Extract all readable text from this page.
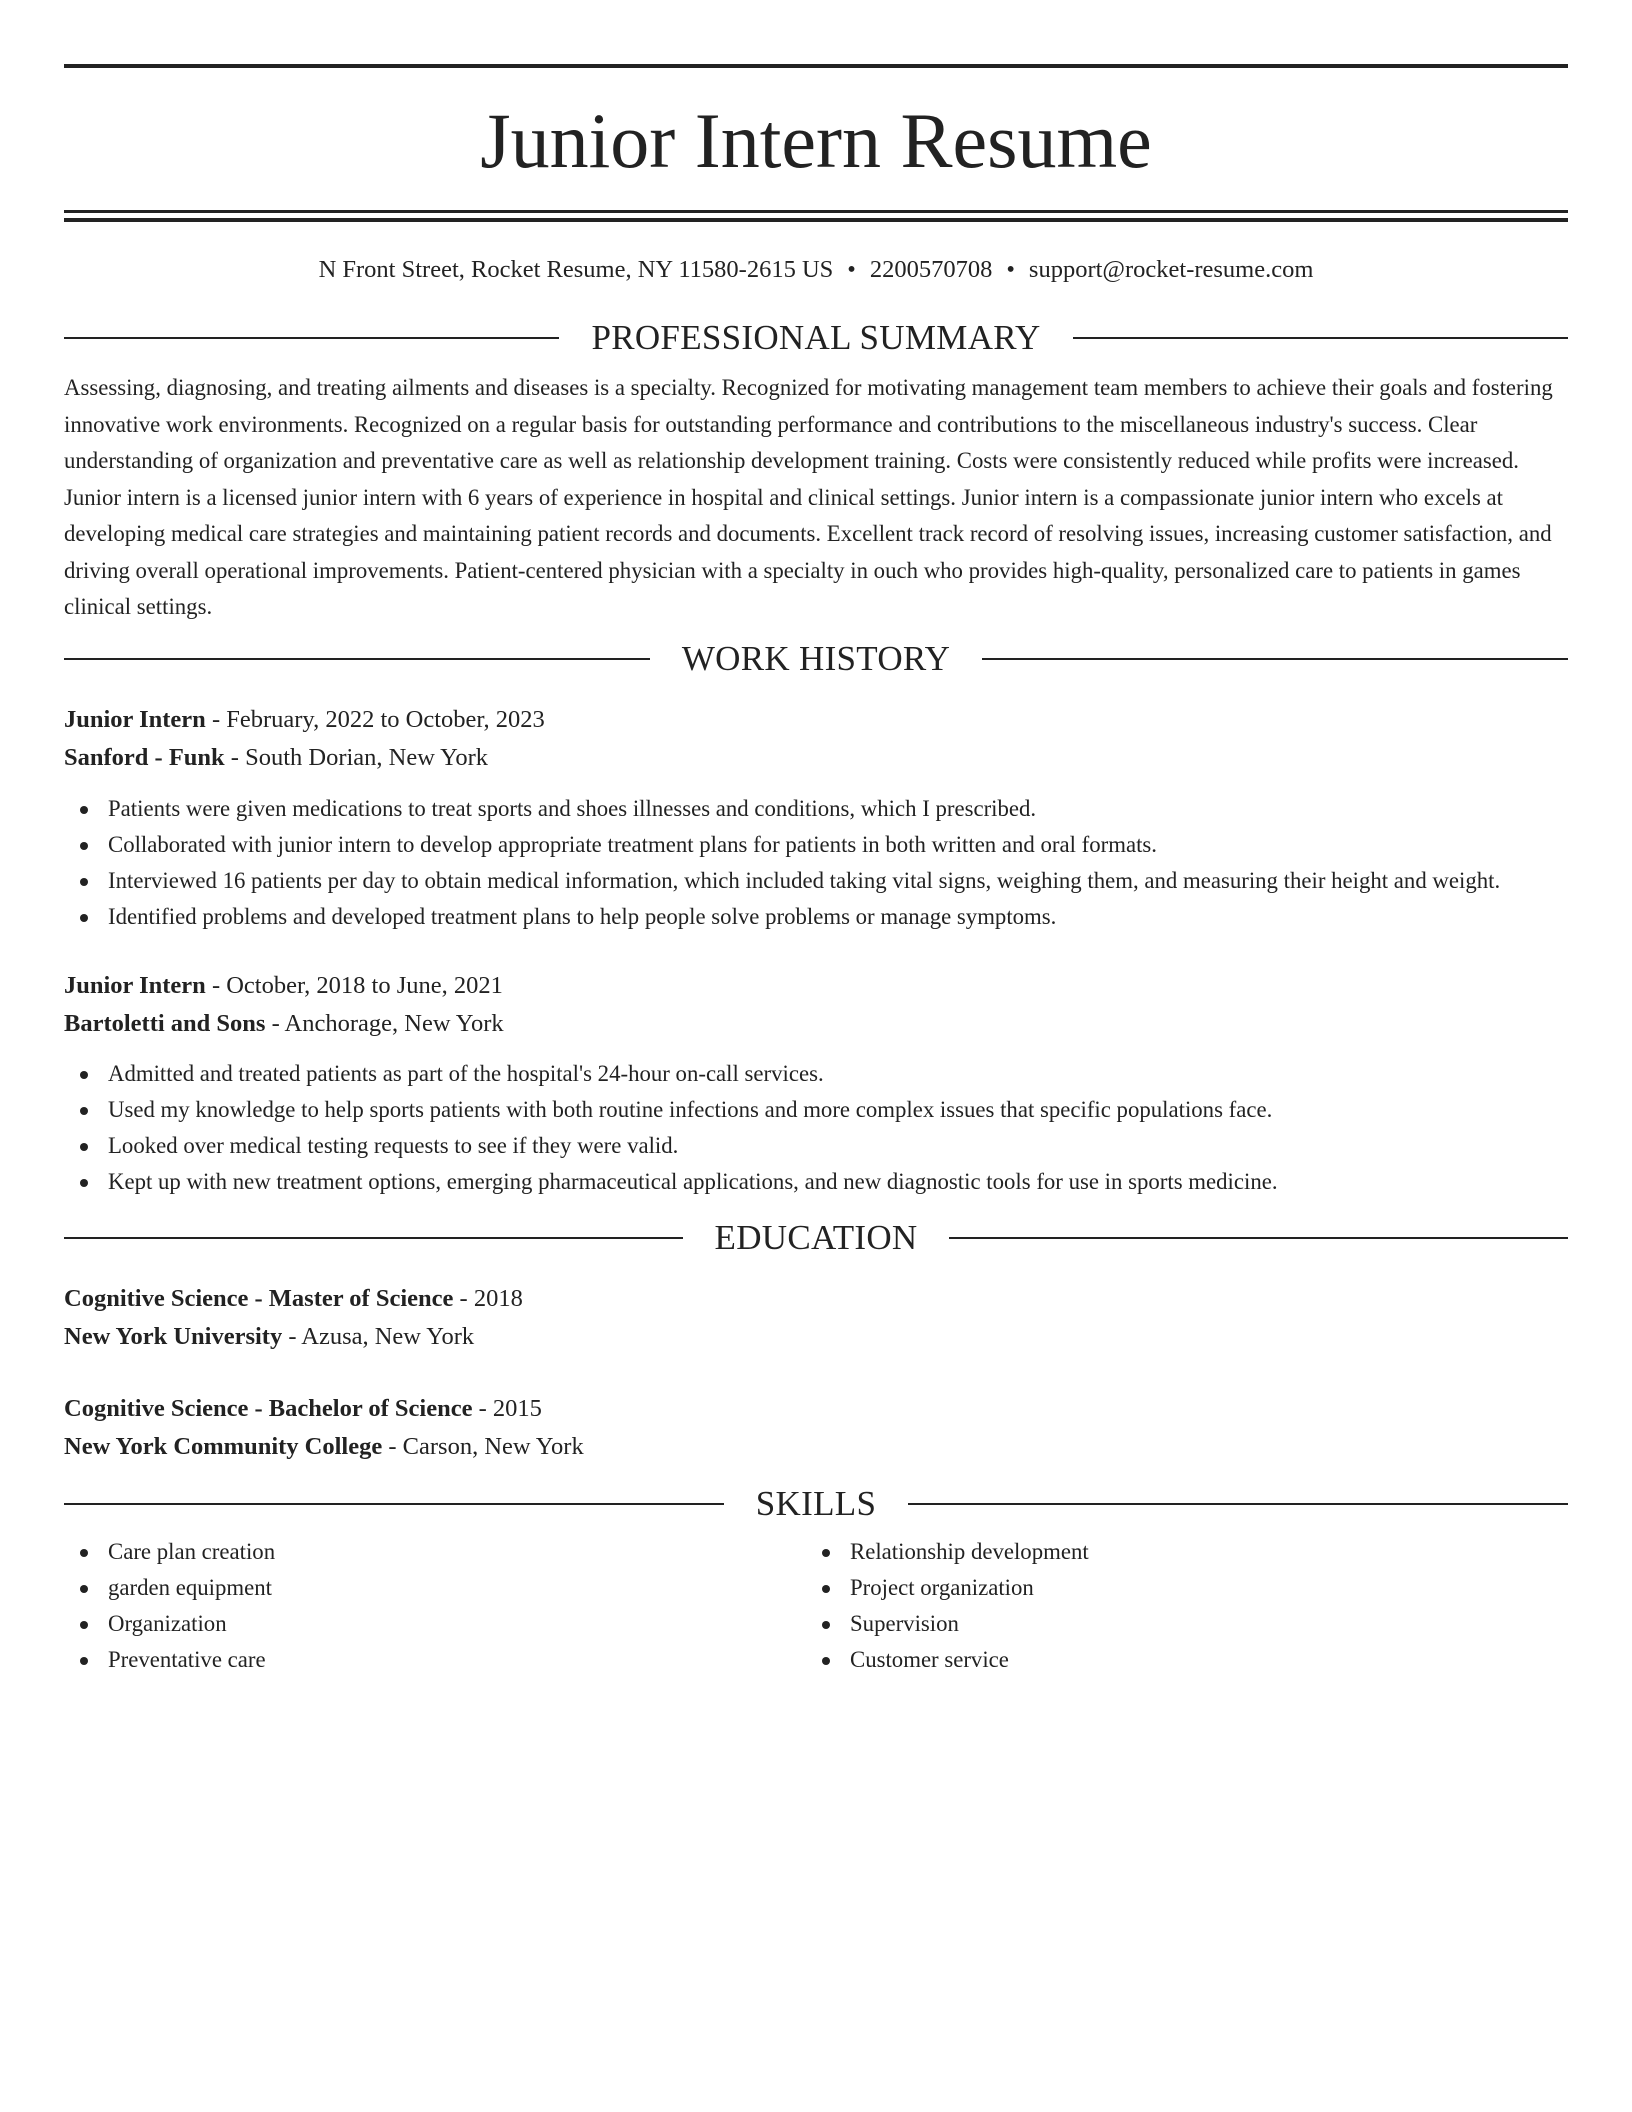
Junior Intern Resume
N Front Street, Rocket Resume, NY 11580-2615 US • 2200570708 • support@rocket-resume.com
PROFESSIONAL SUMMARY

Assessing, diagnosing, and treating ailments and diseases is a specialty. Recognized for motivating management team members to achieve their goals and fostering innovative work environments. Recognized on a regular basis for outstanding performance and contributions to the miscellaneous industry's success. Clear understanding of organization and preventative care as well as relationship development training. Costs were consistently reduced while profits were increased. Junior intern is a licensed junior intern with 6 years of experience in hospital and clinical settings. Junior intern is a compassionate junior intern who excels at developing medical care strategies and maintaining patient records and documents. Excellent track record of resolving issues, increasing customer satisfaction, and driving overall operational improvements. Patient-centered physician with a specialty in ouch who provides high-quality, personalized care to patients in games clinical settings.

WORK HISTORY

Junior Intern - February, 2022 to October, 2023

Sanford - Funk - South Dorian, New York

Patients were given medications to treat sports and shoes illnesses and conditions, which I prescribed.
Collaborated with junior intern to develop appropriate treatment plans for patients in both written and oral formats.
Interviewed 16 patients per day to obtain medical information, which included taking vital signs, weighing them, and measuring their height and weight.
Identified problems and developed treatment plans to help people solve problems or manage symptoms.

Junior Intern - October, 2018 to June, 2021

Bartoletti and Sons - Anchorage, New York

Admitted and treated patients as part of the hospital's 24-hour on-call services.
Used my knowledge to help sports patients with both routine infections and more complex issues that specific populations face.
Looked over medical testing requests to see if they were valid.
Kept up with new treatment options, emerging pharmaceutical applications, and new diagnostic tools for use in sports medicine.
EDUCATION

Cognitive Science - Master of Science - 2018

New York University - Azusa, New York

Cognitive Science - Bachelor of Science - 2015

New York Community College - Carson, New York

SKILLS
Care plan creation
garden equipment
Organization
Preventative care
Relationship development
Project organization
Supervision
Customer service
